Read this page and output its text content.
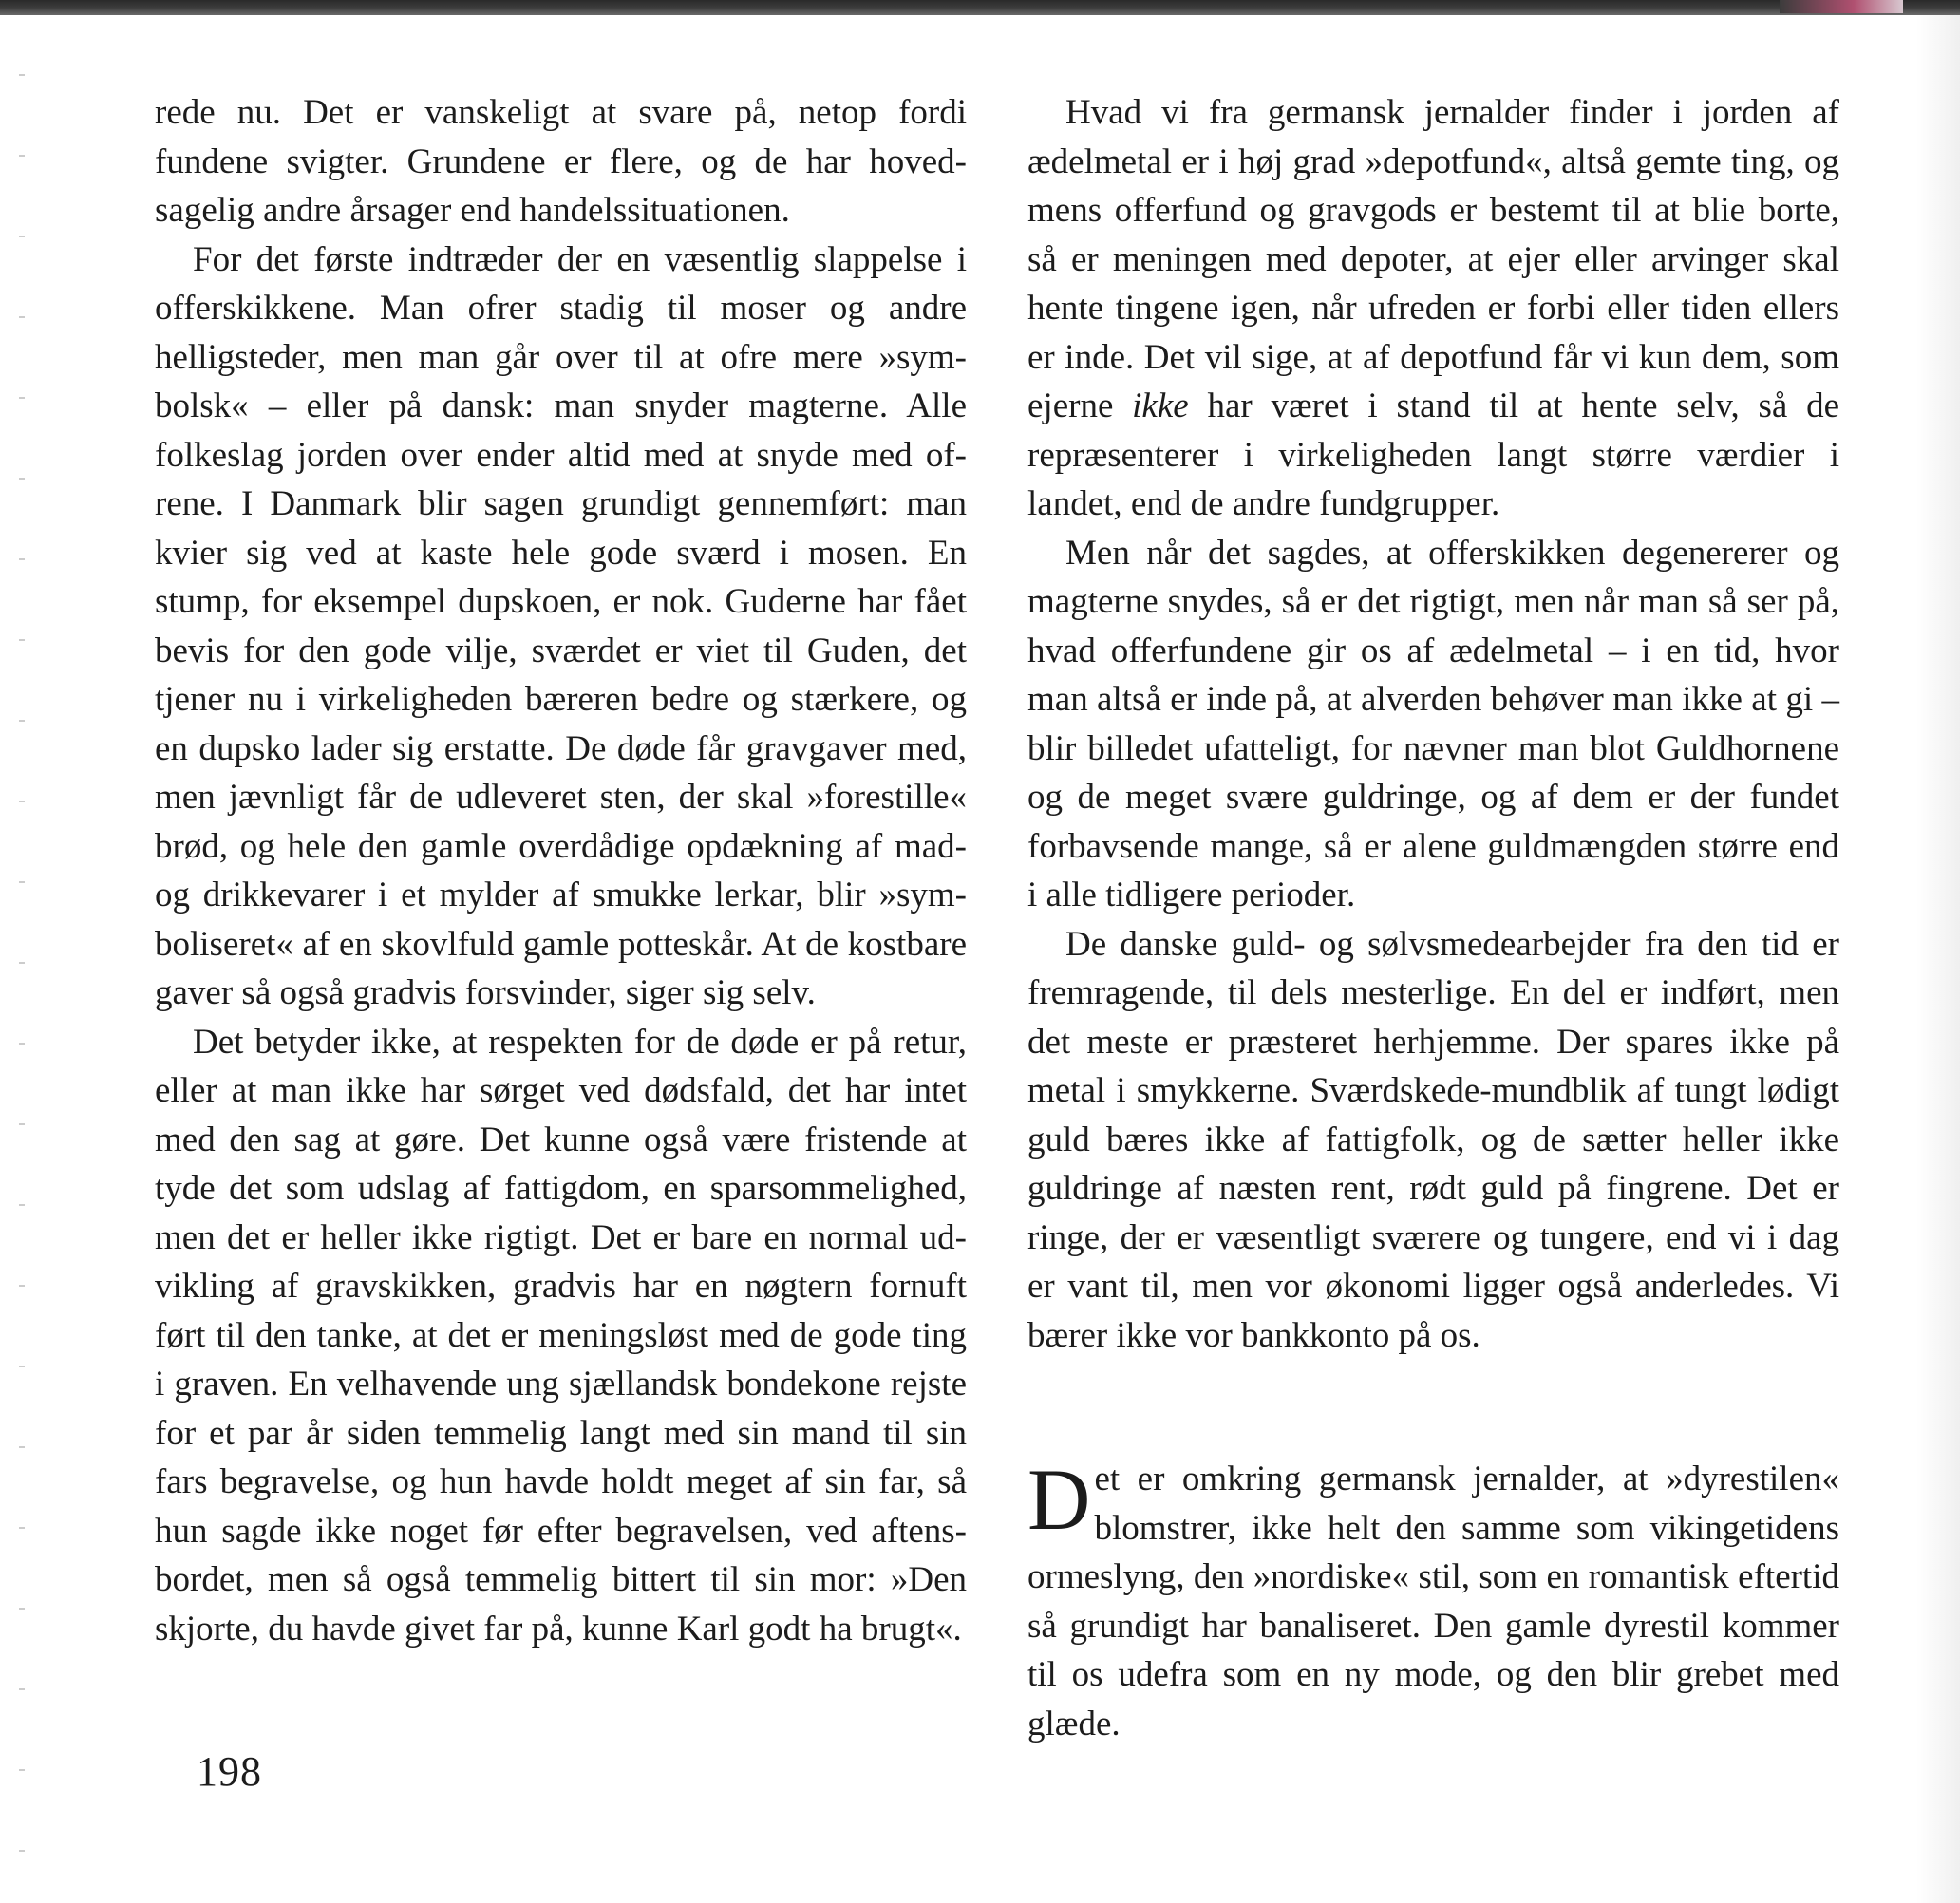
rede nu. Det er vanskeligt at svare på, netop fordi fundene svigter. Grundene er flere, og de har hovedsagelig andre årsager end handelssituationen.

For det første indtræder der en væsentlig slappelse i offerskikkene. Man ofrer stadig til moser og andre helligsteder, men man går over til at ofre mere »symbolsk« – eller på dansk: man snyder magterne. Alle folkeslag jorden over ender altid med at snyde med ofrene. I Danmark blir sagen grundigt gennemført: man kvier sig ved at kaste hele gode sværd i mosen. En stump, for eksempel dupskoen, er nok. Guderne har fået bevis for den gode vilje, sværdet er viet til Guden, det tjener nu i virkeligheden bæreren bedre og stærkere, og en dupsko lader sig erstatte. De døde får gravgaver med, men jævnligt får de udleveret sten, der skal »forestille« brød, og hele den gamle overdådige opdækning af mad- og drikkevarer i et mylder af smukke lerkar, blir »symboliseret« af en skovlfuld gamle potteskår. At de kostbare gaver så også gradvis forsvinder, siger sig selv.

Det betyder ikke, at respekten for de døde er på retur, eller at man ikke har sørget ved dødsfald, det har intet med den sag at gøre. Det kunne også være fristende at tyde det som udslag af fattigdom, en sparsommelighed, men det er heller ikke rigtigt. Det er bare en normal udvikling af gravskikken, gradvis har en nøgtern fornuft ført til den tanke, at det er meningsløst med de gode ting i graven. En velhavende ung sjællandsk bondekone rejste for et par år siden temmelig langt med sin mand til sin fars begravelse, og hun havde holdt meget af sin far, så hun sagde ikke noget før efter begravelsen, ved aftensbordet, men så også temmelig bittert til sin mor: »Den skjorte, du havde givet far på, kunne Karl godt ha brugt«.

Hvad vi fra germansk jernalder finder i jorden af ædelmetal er i høj grad »depotfund«, altså gemte ting, og mens offerfund og gravgods er bestemt til at blie borte, så er meningen med depoter, at ejer eller arvinger skal hente tingene igen, når ufreden er forbi eller tiden ellers er inde. Det vil sige, at af depotfund får vi kun dem, som ejerne ikke har været i stand til at hente selv, så de repræsenterer i virkeligheden langt større værdier i landet, end de andre fundgrupper.

Men når det sagdes, at offerskikken degenererer og magterne snydes, så er det rigtigt, men når man så ser på, hvad offerfundene gir os af ædelmetal – i en tid, hvor man altså er inde på, at alverden behøver man ikke at gi – blir billedet ufatteligt, for nævner man blot Guldhornene og de meget svære guldringe, og af dem er der fundet forbavsende mange, så er alene guldmængden større end i alle tidligere perioder.

De danske guld- og sølvsmedearbejder fra den tid er fremragende, til dels mesterlige. En del er indført, men det meste er præsteret herhjemme. Der spares ikke på metal i smykkerne. Sværdskede-mundblik af tungt lødigt guld bæres ikke af fattigfolk, og de sætter heller ikke guldringe af næsten rent, rødt guld på fingrene. Det er ringe, der er væsentligt sværere og tungere, end vi i dag er vant til, men vor økonomi ligger også anderledes. Vi bærer ikke vor bankkonto på os.

Det er omkring germansk jernalder, at »dyrestilen« blomstrer, ikke helt den samme som vikingetidens ormeslyng, den »nordiske« stil, som en romantisk eftertid så grundigt har banaliseret. Den gamle dyrestil kommer til os udefra som en ny mode, og den blir grebet med glæde.

198
